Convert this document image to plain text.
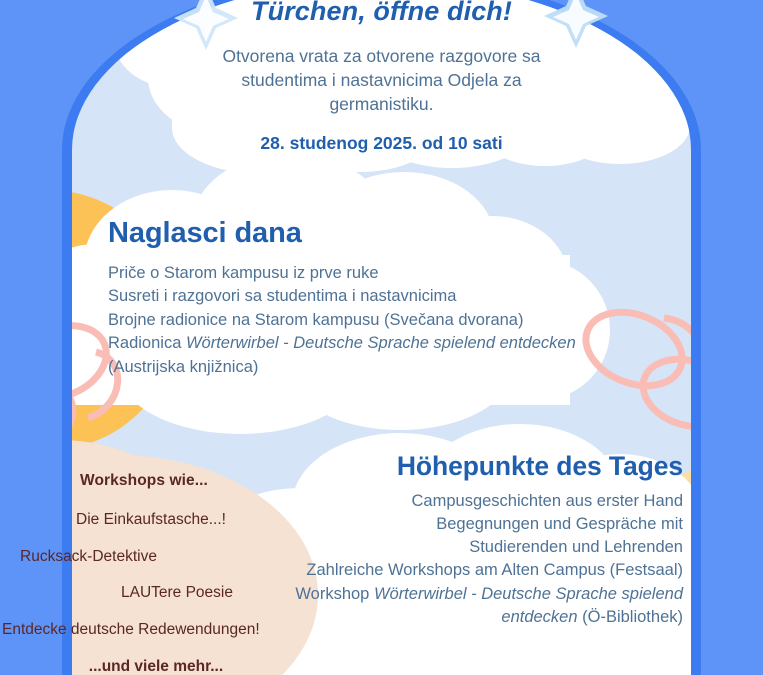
Türchen, öffne dich!
Otvorena vrata za otvorene razgovore sa
studentima i nastavnicima Odjela za
germanistiku.
28. studenog 2025. od 10 sati
Naglasci dana
Priče o Starom kampusu iz prve ruke
Susreti i razgovori sa studentima i nastavnicima
Brojne radionice na Starom kampusu (Svečana dvorana)
Radionica Wörterwirbel - Deutsche Sprache spielend entdecken (Austrijska knjižnica)
Höhepunkte des Tages
Campusgeschichten aus erster Hand
Begegnungen und Gespräche mit
Studierenden und Lehrenden
Zahlreiche Workshops am Alten Campus (Festsaal)
Workshop Wörterwirbel - Deutsche Sprache spielend entdecken (Ö-Bibliothek)
Workshops wie...
Die Einkaufstasche...!
Rucksack-Detektive
LAUTere Poesie
Entdecke deutsche Redewendungen!
...und viele mehr...
